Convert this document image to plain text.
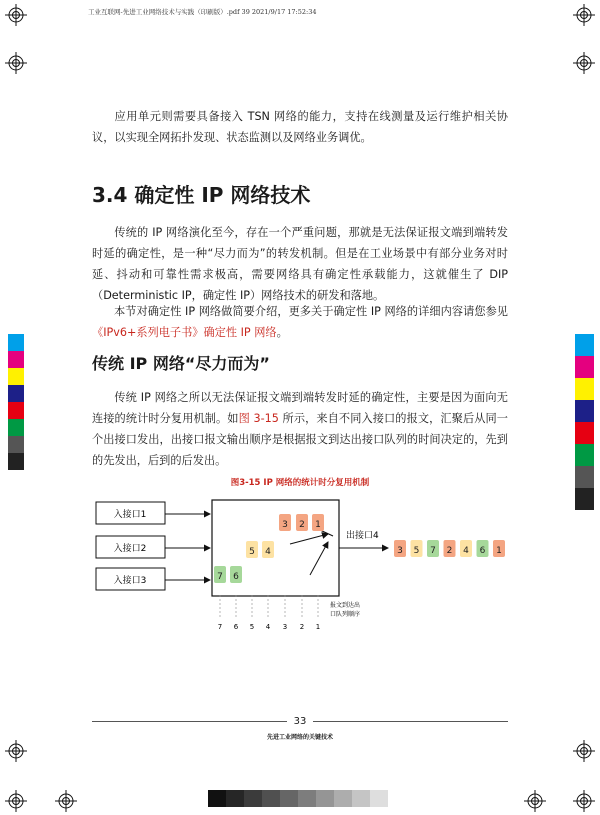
工业互联网-先进工业网络技术与实践（印刷版）.pdf 39 2021/9/17 17:52:34
应用单元则需要具备接入 TSN 网络的能力，支持在线测量及运行维护相关协议，以实现全网拓扑发现、状态监测以及网络业务调优。
3.4 确定性 IP 网络技术
传统的 IP 网络演化至今，存在一个严重问题，那就是无法保证报文端到端转发时延的确定性，是一种“尽力而为”的转发机制。但是在工业场景中有部分业务对时延、抖动和可靠性需求极高，需要网络具有确定性承载能力，这就催生了 DIP（Deterministic IP，确定性 IP）网络技术的研发和落地。
本节对确定性 IP 网络做简要介绍，更多关于确定性 IP 网络的详细内容请您参见《IPv6+系列电子书》确定性 IP 网络。
传统 IP 网络“尽力而为”
传统 IP 网络之所以无法保证报文端到端转发时延的确定性，主要是因为面向无连接的统计时分复用机制。如图 3-15 所示，来自不同入接口的报文，汇聚后从同一个出接口发出，出接口报文输出顺序是根据报文到达出接口队列的时间决定的，先到的先发出，后到的后发出。
图3-15 IP 网络的统计时分复用机制
入接口1
入接口2
入接口3
出接口4
3 2 1
5 4
7 6
3 5 7 2 4 6 1
7 6 5 4 3 2 1
报文到达出
口队列顺序
33
先进工业网络的关键技术
